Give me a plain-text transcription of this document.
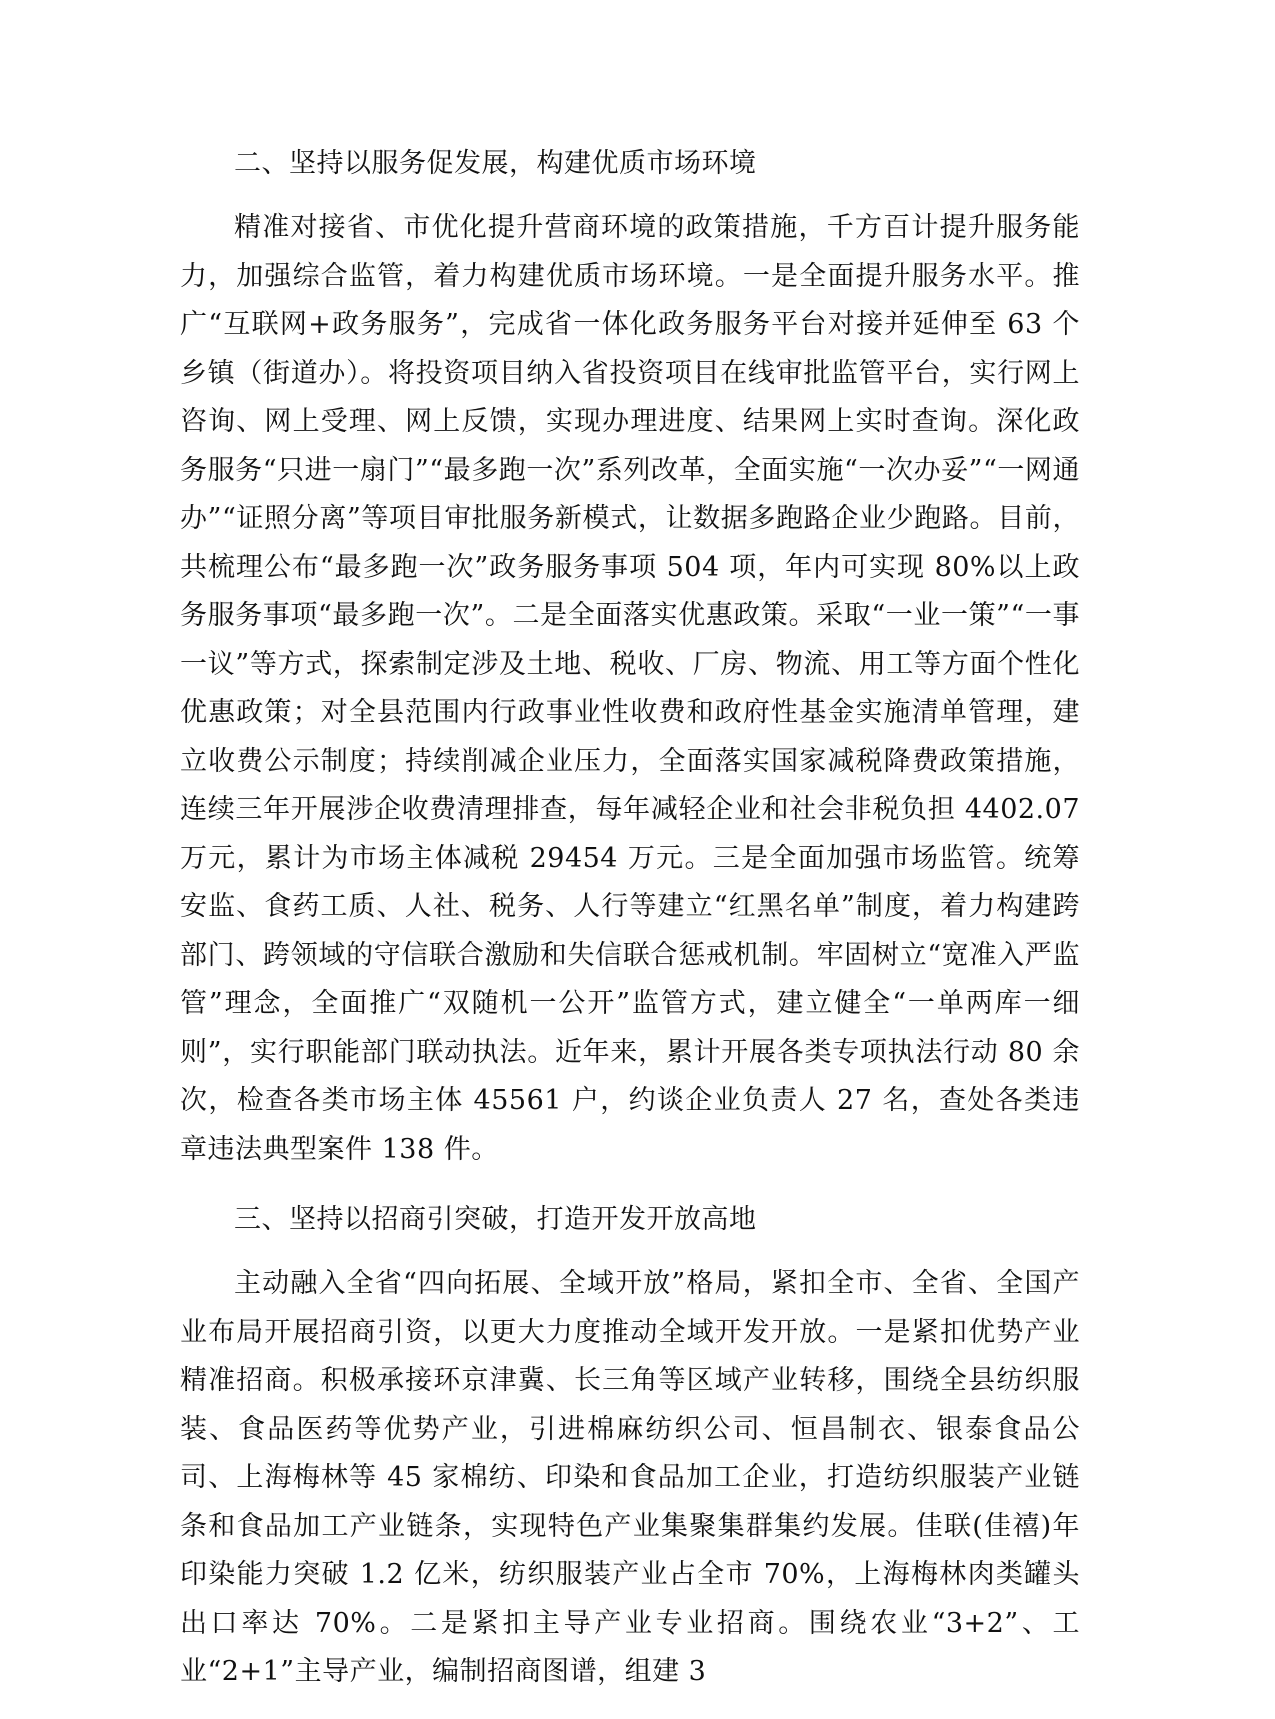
二、坚持以服务促发展，构建优质市场环境

精准对接省、市优化提升营商环境的政策措施，千方百计提升服务能力，加强综合监管，着力构建优质市场环境。一是全面提升服务水平。推广“互联网+政务服务”，完成省一体化政务服务平台对接并延伸至 63 个乡镇（街道办）。将投资项目纳入省投资项目在线审批监管平台，实行网上咨询、网上受理、网上反馈，实现办理进度、结果网上实时查询。深化政务服务“只进一扇门”“最多跑一次”系列改革，全面实施“一次办妥”“一网通办”“证照分离”等项目审批服务新模式，让数据多跑路企业少跑路。目前，共梳理公布“最多跑一次”政务服务事项 504 项，年内可实现 80%以上政务服务事项“最多跑一次”。二是全面落实优惠政策。采取“一业一策”“一事一议”等方式，探索制定涉及土地、税收、厂房、物流、用工等方面个性化优惠政策；对全县范围内行政事业性收费和政府性基金实施清单管理，建立收费公示制度；持续削减企业压力，全面落实国家减税降费政策措施，连续三年开展涉企收费清理排查，每年减轻企业和社会非税负担 4402.07 万元，累计为市场主体减税 29454 万元。三是全面加强市场监管。统筹安监、食药工质、人社、税务、人行等建立“红黑名单”制度，着力构建跨部门、跨领域的守信联合激励和失信联合惩戒机制。牢固树立“宽准入严监管”理念，全面推广“双随机一公开”监管方式，建立健全“一单两库一细则”，实行职能部门联动执法。近年来，累计开展各类专项执法行动 80 余次，检查各类市场主体 45561 户，约谈企业负责人 27 名，查处各类违章违法典型案件 138 件。

三、坚持以招商引突破，打造开发开放高地

主动融入全省“四向拓展、全域开放”格局，紧扣全市、全省、全国产业布局开展招商引资，以更大力度推动全域开发开放。一是紧扣优势产业精准招商。积极承接环京津冀、长三角等区域产业转移，围绕全县纺织服装、食品医药等优势产业，引进棉麻纺织公司、恒昌制衣、银泰食品公司、上海梅林等 45 家棉纺、印染和食品加工企业，打造纺织服装产业链条和食品加工产业链条，实现特色产业集聚集群集约发展。佳联(佳禧)年印染能力突破 1.2 亿米，纺织服装产业占全市 70%，上海梅林肉类罐头出口率达 70%。二是紧扣主导产业专业招商。围绕农业“3+2”、工业“2+1”主导产业，编制招商图谱，组建 3
